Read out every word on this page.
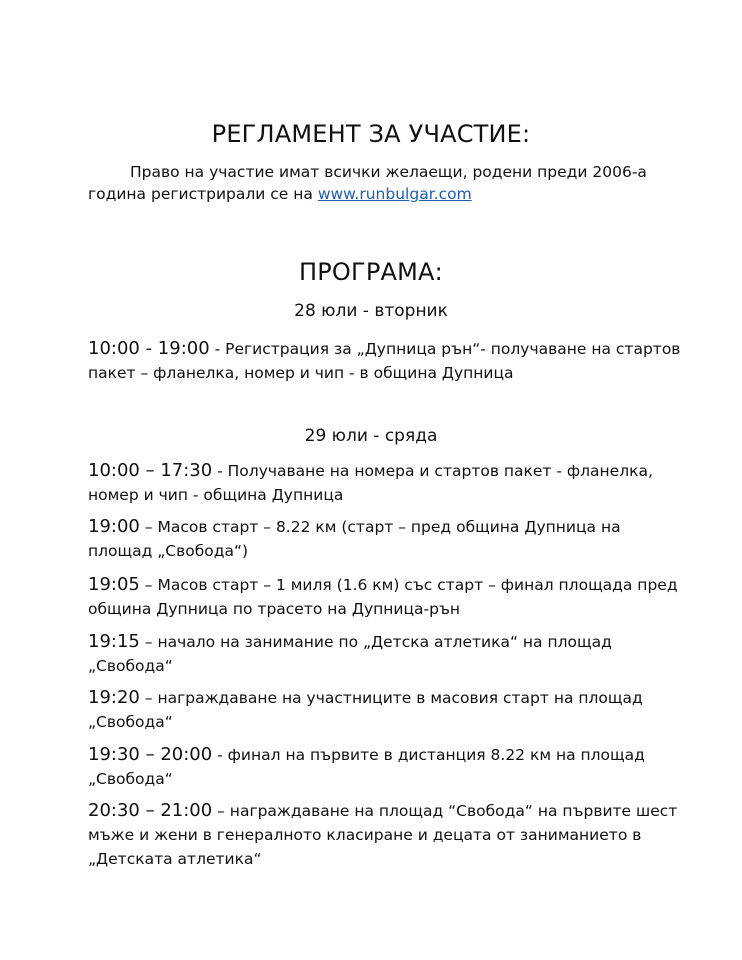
РЕГЛАМЕНТ ЗА УЧАСТИЕ:
Право на участие имат всички желаещи, родени преди 2006-а
година регистрирали се на www.runbulgar.com
ПРОГРАМА:
28 юли - вторник
10:00 - 19:00 - Регистрация за „Дупница рън“- получаване на стартов пакет – фланелка, номер и чип - в община Дупница
29 юли - сряда
10:00 – 17:30 - Получаване на номера и стартов пакет - фланелка, номер и чип - община Дупница
19:00 – Масов старт – 8.22 км (старт – пред община Дупница на площад „Свобода“)
19:05 – Масов старт – 1 миля (1.6 км) със старт – финал площада пред община Дупница по трасето на Дупница-рън
19:15 – начало на занимание по „Детска атлетика“ на площад „Свобода“
19:20 – награждаване на участниците в масовия старт на площад „Свобода“
19:30 – 20:00 - финал на първите в дистанция 8.22 км на площад „Свобода“
20:30 – 21:00 – награждаване на площад “Свобода“ на първите шест мъже и жени в генералното класиране и децата от заниманието в „Детската атлетика“
